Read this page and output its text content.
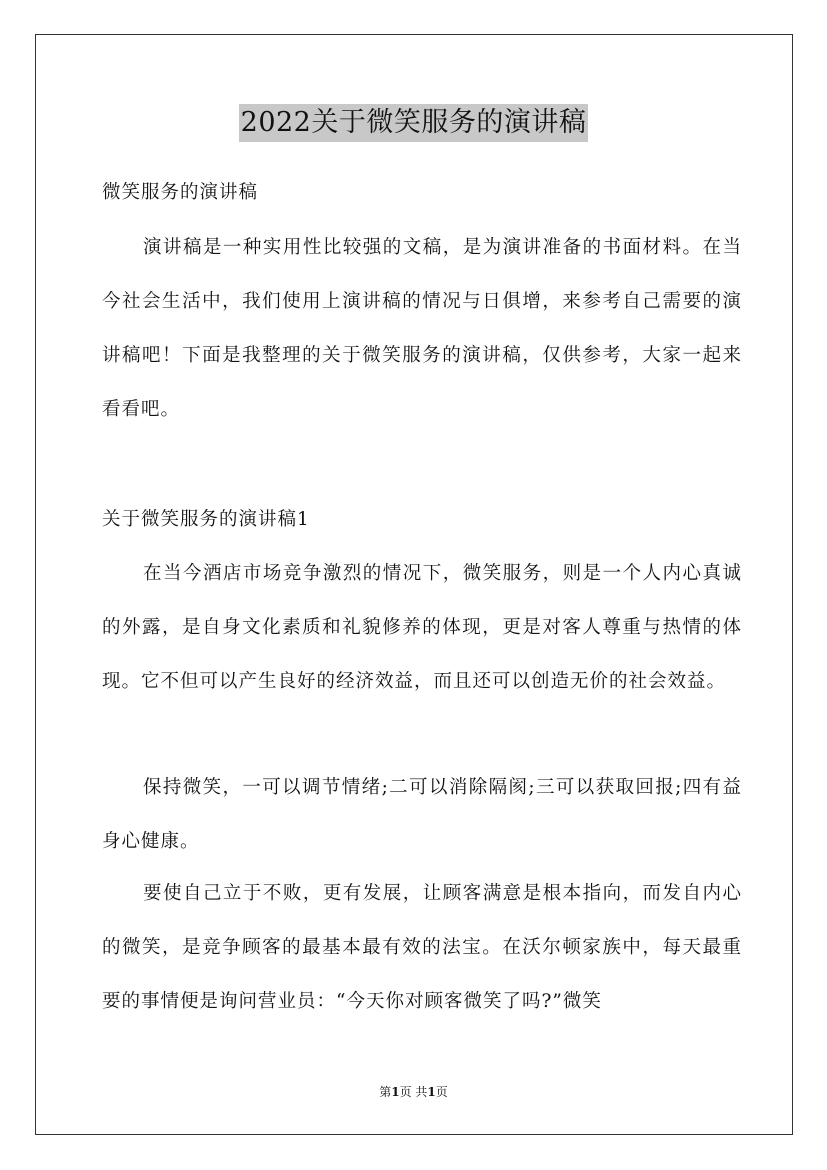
2022关于微笑服务的演讲稿

微笑服务的演讲稿

演讲稿是一种实用性比较强的文稿，是为演讲准备的书面材料。在当今社会生活中，我们使用上演讲稿的情况与日俱增，来参考自己需要的演讲稿吧！下面是我整理的关于微笑服务的演讲稿，仅供参考，大家一起来看看吧。

关于微笑服务的演讲稿1

在当今酒店市场竞争激烈的情况下，微笑服务，则是一个人内心真诚的外露，是自身文化素质和礼貌修养的体现，更是对客人尊重与热情的体现。它不但可以产生良好的经济效益，而且还可以创造无价的社会效益。

保持微笑，一可以调节情绪;二可以消除隔阂;三可以获取回报;四有益身心健康。

要使自己立于不败，更有发展，让顾客满意是根本指向，而发自内心的微笑，是竞争顾客的最基本最有效的法宝。在沃尔顿家族中，每天最重要的事情便是询问营业员：“今天你对顾客微笑了吗?”微笑

第1页 共1页
